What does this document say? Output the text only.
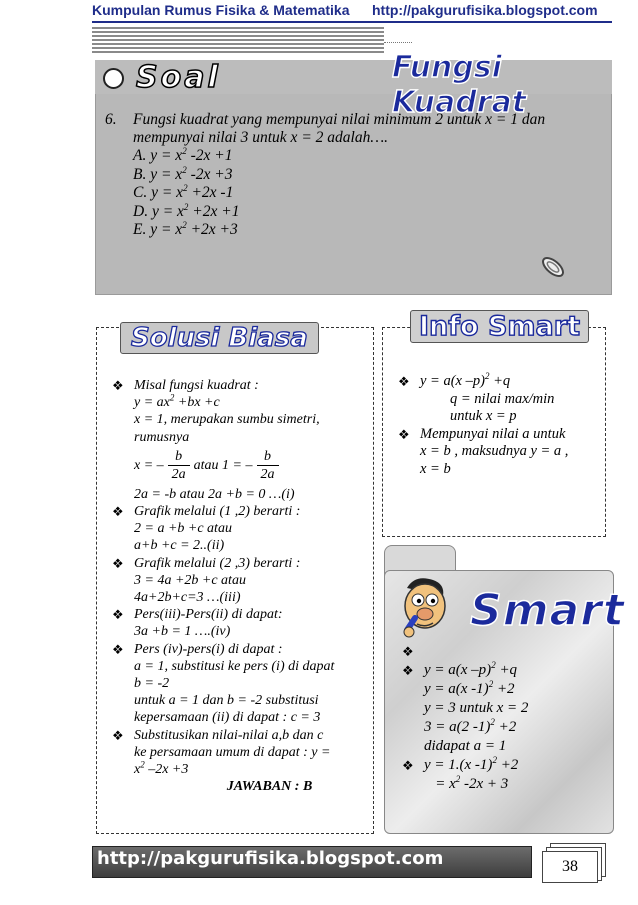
Kumpulan Rumus Fisika & Matematika http://pakgurufisika.blogspot.com
Soal	Fungsi Kuadrat
6. Fungsi kuadrat yang mempunyai nilai minimum 2 untuk x = 1 dan
mempunyai nilai 3 untuk x = 2 adalah….
A. $y = x^2$ -2x +1
B. $y = x^2$ -2x +3
C. $y = x^2 +2x$ -1
D. $y = x^2 +2x +1$
E. $y = x^2 +2x +3$
Solusi Biasa
❖ Misal fungsi kuadrat :
$y = ax^2 +bx +c$
x = 1, merupakan sumbu simetri,
rumusnya
x = – $\frac{b}{2a}$ atau 1 = – $\frac{b}{2a}$
2a = -b atau 2a +b = 0 …(i)
❖ Grafik melalui (1 ,2) berarti :
2 = a +b +c atau
a+b +c = 2..(ii)
❖ Grafik melalui (2 ,3) berarti :
3 = 4a +2b +c atau
4a+2b+c=3 …(iii)
❖ Pers(iii)-Pers(ii) di dapat:
3a +b = 1 ….(iv)
❖ Pers (iv)-pers(i) di dapat :
a = 1, substitusi ke pers (i) di dapat
b = -2
untuk a = 1 dan b = -2 substitusi
kepersamaan (ii) di dapat : c = 3
❖ Substitusikan nilai-nilai a,b dan c
ke persamaan umum di dapat : y =
$x^2$ –2x +3
JAWABAN : B
Info Smart
❖ y = a(x –p)$^2$ +q
q = nilai max/min
untuk x = p
❖ Mempunyai nilai a untuk
x = b , maksudnya y = a ,
x = b
Smart
❖

❖ y = a(x –p)$^2$ +q
y = a(x -1)$^2$ +2
y = 3 untuk x = 2
3 = a(2 -1)$^2$ +2
didapat a = 1
❖ y = 1.(x -1)$^2$ +2
= $x^2$ -2x + 3
http://pakgurufisika.blogspot.com	38
